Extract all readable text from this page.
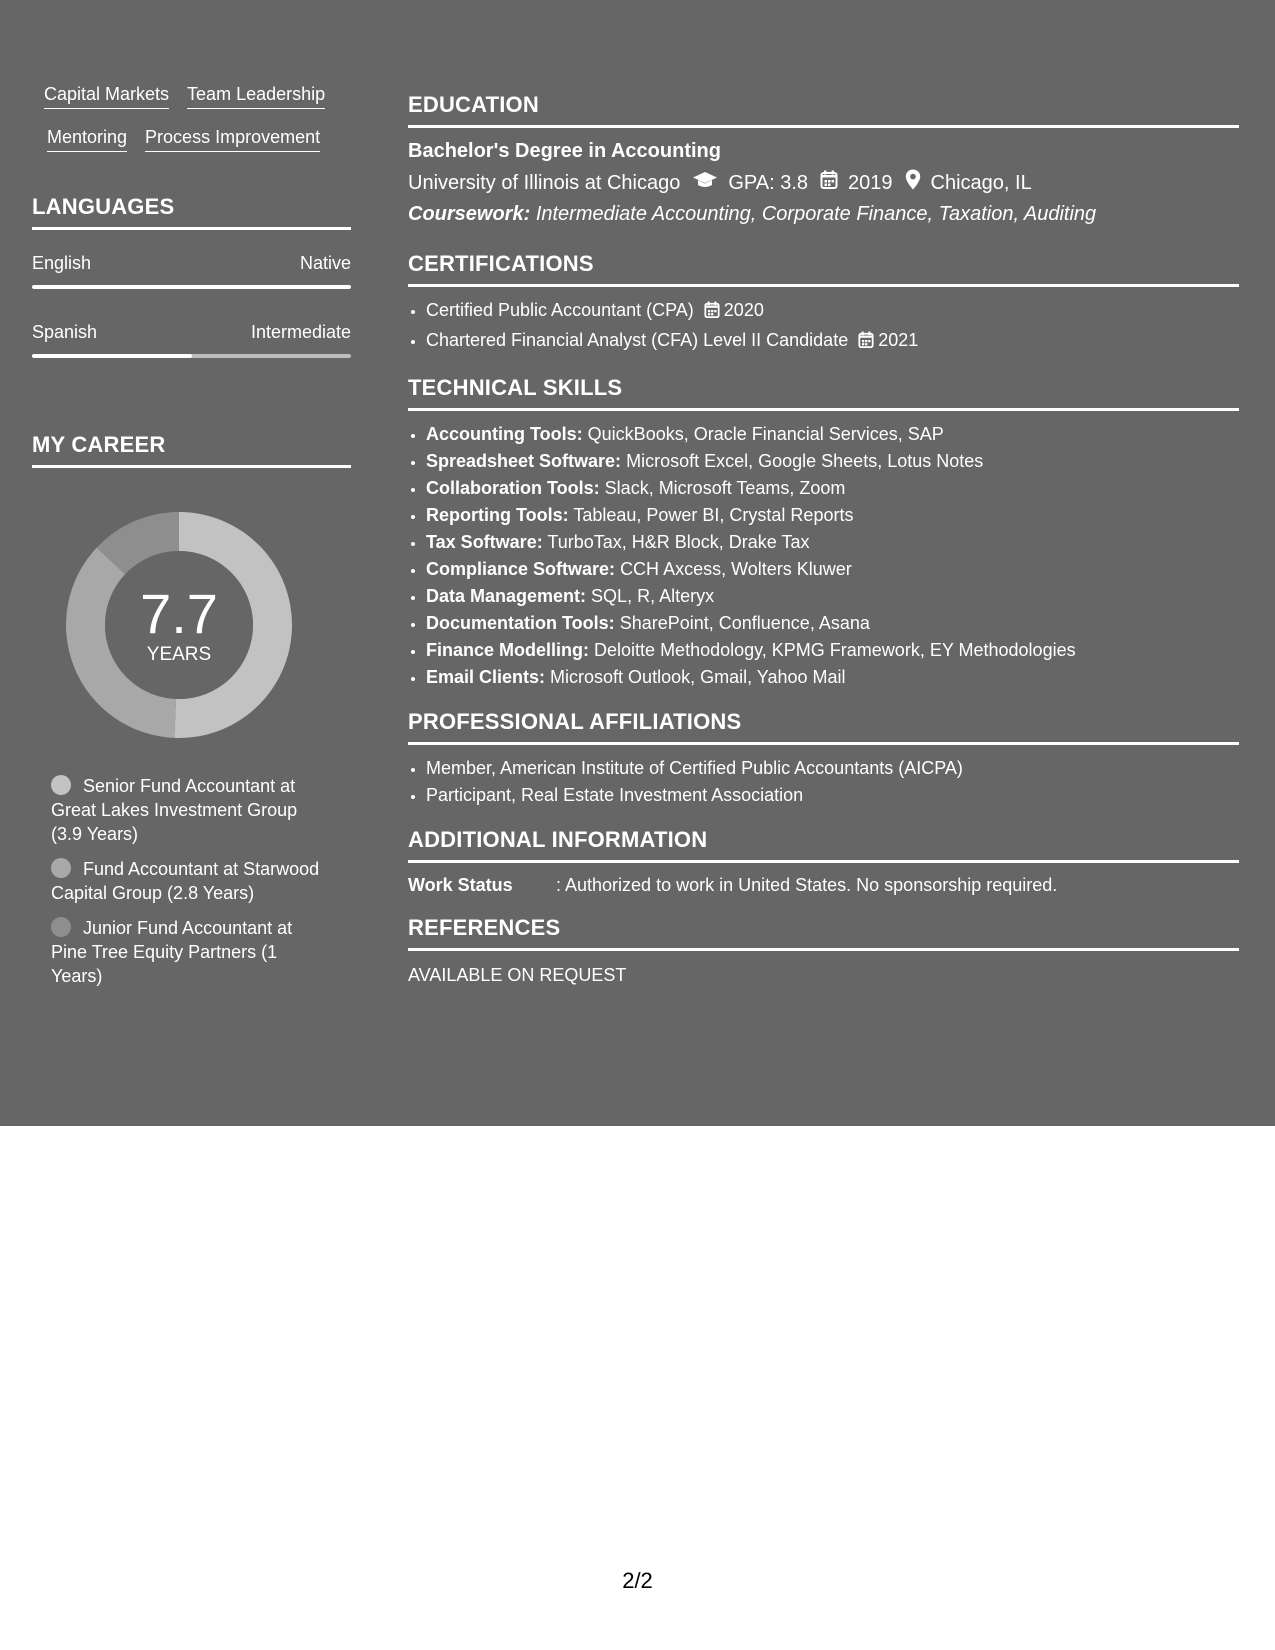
Capital Markets Team Leadership
Mentoring Process Improvement
LANGUAGES
English	Native
Spanish	Intermediate
MY CAREER
7.7
YEARS
Senior Fund Accountant at Great Lakes Investment Group (3.9 Years)
Fund Accountant at Starwood Capital Group (2.8 Years)
Junior Fund Accountant at Pine Tree Equity Partners (1 Years)
EDUCATION
Bachelor's Degree in Accounting
University of Illinois at Chicago GPA: 3.8 2019 Chicago, IL
Coursework: Intermediate Accounting, Corporate Finance, Taxation, Auditing
CERTIFICATIONS
• Certified Public Accountant (CPA) 2020
• Chartered Financial Analyst (CFA) Level II Candidate 2021
TECHNICAL SKILLS
• Accounting Tools: QuickBooks, Oracle Financial Services, SAP
• Spreadsheet Software: Microsoft Excel, Google Sheets, Lotus Notes
• Collaboration Tools: Slack, Microsoft Teams, Zoom
• Reporting Tools: Tableau, Power BI, Crystal Reports
• Tax Software: TurboTax, H&R Block, Drake Tax
• Compliance Software: CCH Axcess, Wolters Kluwer
• Data Management: SQL, R, Alteryx
• Documentation Tools: SharePoint, Confluence, Asana
• Finance Modelling: Deloitte Methodology, KPMG Framework, EY Methodologies
• Email Clients: Microsoft Outlook, Gmail, Yahoo Mail
PROFESSIONAL AFFILIATIONS
• Member, American Institute of Certified Public Accountants (AICPA)
• Participant, Real Estate Investment Association
ADDITIONAL INFORMATION
Work Status	: Authorized to work in United States. No sponsorship required.
REFERENCES
AVAILABLE ON REQUEST
2/2
